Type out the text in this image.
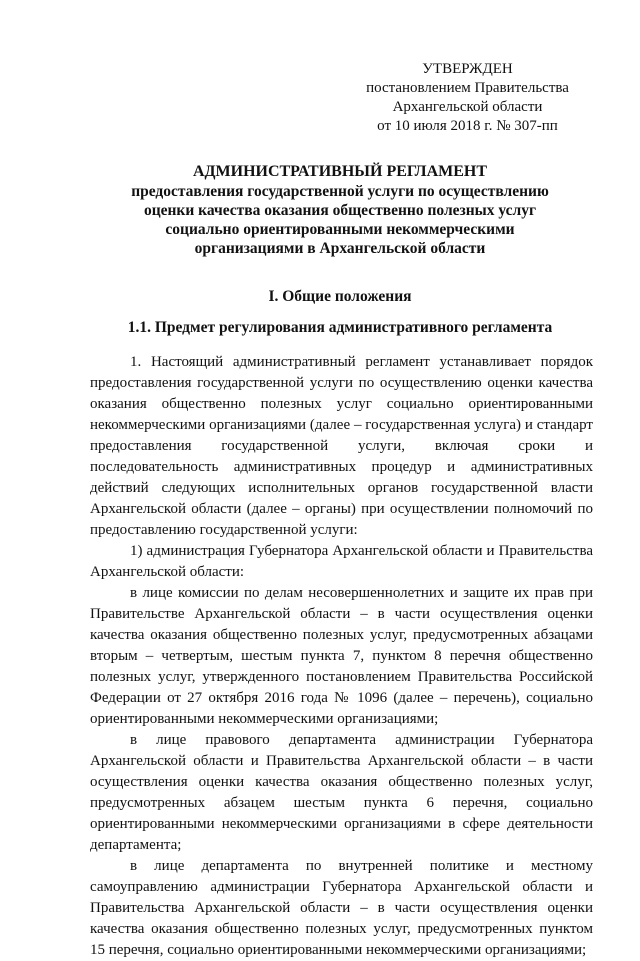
УТВЕРЖДЕН
постановлением Правительства
Архангельской области
от 10 июля 2018 г. № 307-пп
АДМИНИСТРАТИВНЫЙ РЕГЛАМЕНТ
предоставления государственной услуги по осуществлению
оценки качества оказания общественно полезных услуг
социально ориентированными некоммерческими
организациями в Архангельской области
I. Общие положения
1.1. Предмет регулирования административного регламента

1. Настоящий административный регламент устанавливает порядок предоставления государственной услуги по осуществлению оценки качества оказания общественно полезных услуг социально ориентированными некоммерческими организациями (далее – государственная услуга) и стандарт предоставления государственной услуги, включая сроки и последовательность административных процедур и административных действий следующих исполнительных органов государственной власти Архангельской области (далее – органы) при осуществлении полномочий по предоставлению государственной услуги:

1) администрация Губернатора Архангельской области и Правительства Архангельской области:

в лице комиссии по делам несовершеннолетних и защите их прав при Правительстве Архангельской области – в части осуществления оценки качества оказания общественно полезных услуг, предусмотренных абзацами вторым – четвертым, шестым пункта 7, пунктом 8 перечня общественно полезных услуг, утвержденного постановлением Правительства Российской Федерации от 27 октября 2016 года № 1096 (далее – перечень), социально ориентированными некоммерческими организациями;

в лице правового департамента администрации Губернатора Архангельской области и Правительства Архангельской области – в части осуществления оценки качества оказания общественно полезных услуг, предусмотренных абзацем шестым пункта 6 перечня, социально ориентированными некоммерческими организациями в сфере деятельности департамента;

в лице департамента по внутренней политике и местному самоуправлению администрации Губернатора Архангельской области и Правительства Архангельской области – в части осуществления оценки качества оказания общественно полезных услуг, предусмотренных пунктом 15 перечня, социально ориентированными некоммерческими организациями;
